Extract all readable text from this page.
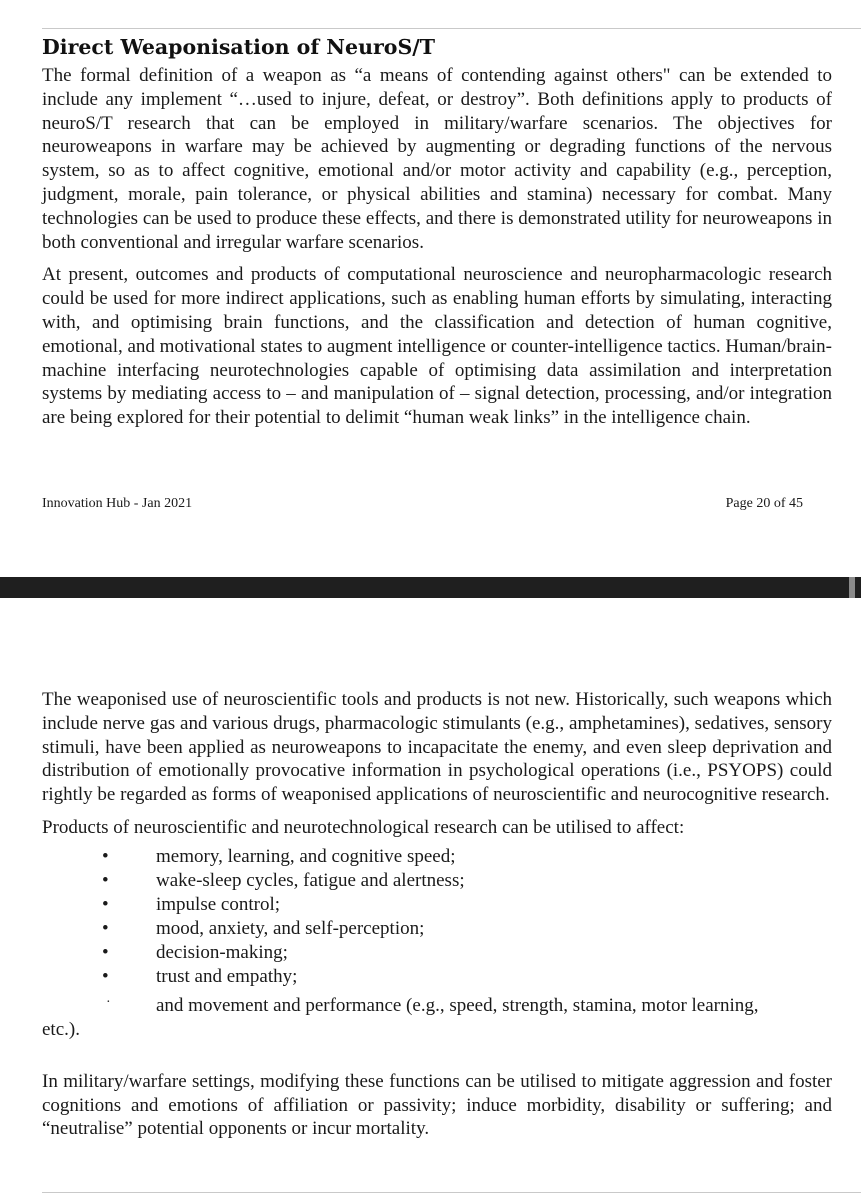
Direct Weaponisation of NeuroS/T

The formal definition of a weapon as “a means of contending against others" can be extended to include any implement “…used to injure, defeat, or destroy”. Both definitions apply to products of neuroS/T research that can be employed in military/warfare scenarios. The objectives for neuroweapons in warfare may be achieved by augmenting or degrading functions of the nervous system, so as to affect cognitive, emotional and/or motor activity and capability (e.g., perception, judgment, morale, pain tolerance, or physical abilities and stamina) necessary for combat. Many technologies can be used to produce these effects, and there is demonstrated utility for neuroweapons in both conventional and irregular warfare scenarios.

At present, outcomes and products of computational neuroscience and neuropharmacologic research could be used for more indirect applications, such as enabling human efforts by simulating, interacting with, and optimising brain functions, and the classification and detection of human cognitive, emotional, and motivational states to augment intelligence or counter-intelligence tactics. Human/brain-machine interfacing neurotechnologies capable of optimising data assimilation and interpretation systems by mediating access to – and manipulation of – signal detection, processing, and/or integration are being explored for their potential to delimit “human weak links” in the intelligence chain.

Innovation Hub - Jan 2021	Page 20 of 45

The weaponised use of neuroscientific tools and products is not new. Historically, such weapons which include nerve gas and various drugs, pharmacologic stimulants (e.g., amphetamines), sedatives, sensory stimuli, have been applied as neuroweapons to incapacitate the enemy, and even sleep deprivation and distribution of emotionally provocative information in psychological operations (i.e., PSYOPS) could rightly be regarded as forms of weaponised applications of neuroscientific and neurocognitive research.

Products of neuroscientific and neurotechnological research can be utilised to affect:

• memory, learning, and cognitive speed;
• wake-sleep cycles, fatigue and alertness;
• impulse control;
• mood, anxiety, and self-perception;
• decision-making;
• trust and empathy;
·	and movement and performance (e.g., speed, strength, stamina, motor learning,
etc.).

In military/warfare settings, modifying these functions can be utilised to mitigate aggression and foster cognitions and emotions of affiliation or passivity; induce morbidity, disability or suffering; and “neutralise” potential opponents or incur mortality.
